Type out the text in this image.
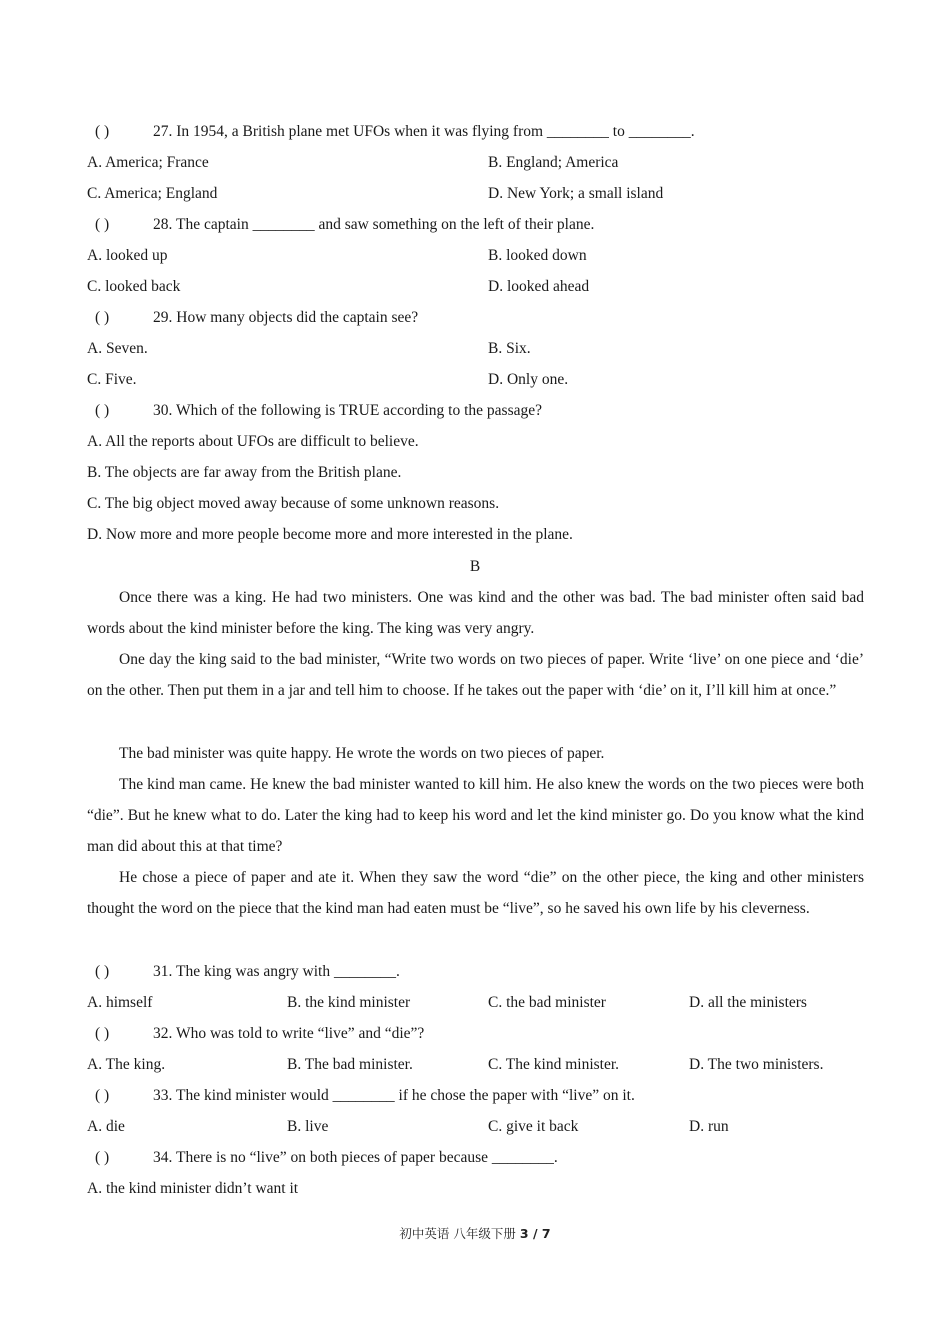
( )	27. In 1954, a British plane met UFOs when it was flying from ________ to ________.
A. America; France	B. England; America
C. America; England	D. New York; a small island
( )	28. The captain ________ and saw something on the left of their plane.
A. looked up	B. looked down
C. looked back	D. looked ahead
( )	29. How many objects did the captain see?
A. Seven.	B. Six.
C. Five.	D. Only one.
( )	30. Which of the following is TRUE according to the passage?
A. All the reports about UFOs are difficult to believe.
B. The objects are far away from the British plane.
C. The big object moved away because of some unknown reasons.
D. Now more and more people become more and more interested in the plane.
B
Once there was a king. He had two ministers. One was kind and the other was bad. The bad minister often said bad words about the kind minister before the king. The king was very angry.
One day the king said to the bad minister, “Write two words on two pieces of paper. Write ‘live’ on one piece and ‘die’ on the other. Then put them in a jar and tell him to choose. If he takes out the paper with ‘die’ on it, I’ll kill him at once.”
The bad minister was quite happy. He wrote the words on two pieces of paper.
The kind man came. He knew the bad minister wanted to kill him. He also knew the words on the two pieces were both “die”. But he knew what to do. Later the king had to keep his word and let the kind minister go. Do you know what the kind man did about this at that time?
He chose a piece of paper and ate it. When they saw the word “die” on the other piece, the king and other ministers thought the word on the piece that the kind man had eaten must be “live”, so he saved his own life by his cleverness.
( )	31. The king was angry with ________.
A. himself	B. the kind minister	C. the bad minister	D. all the ministers
( )	32. Who was told to write “live” and “die”?
A. The king.	B. The bad minister.	C. The kind minister.	D. The two ministers.
( )	33. The kind minister would ________ if he chose the paper with “live” on it.
A. die	B. live	C. give it back	D. run
( )	34. There is no “live” on both pieces of paper because ________.
A. the kind minister didn’t want it
初中英语 八年级下册 3 / 7
